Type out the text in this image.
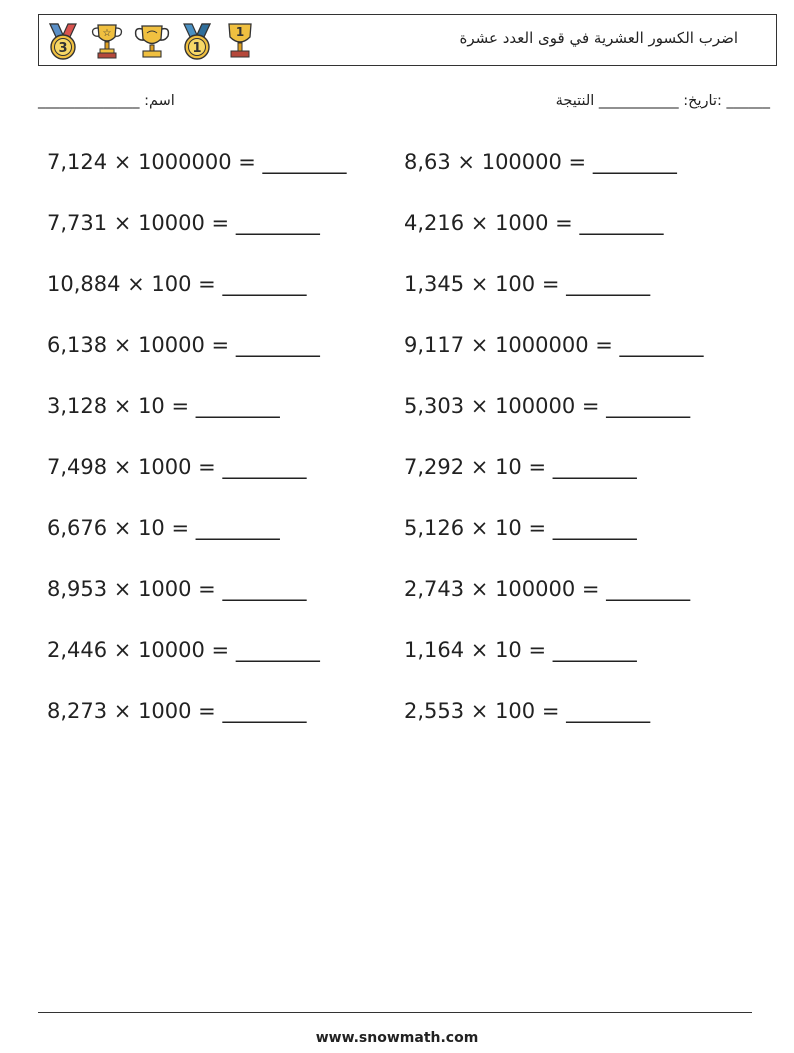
3
☆
1
1	اضرب الكسور العشرية في قوى العدد عشرة
اسم: ______________	______ :تاريخ: ___________ النتيجة
7,124 × 1000000 = ________
7,731 × 10000 = ________
10,884 × 100 = ________
6,138 × 10000 = ________
3,128 × 10 = ________
7,498 × 1000 = ________
6,676 × 10 = ________
8,953 × 1000 = ________
2,446 × 10000 = ________
8,273 × 1000 = ________
8,63 × 100000 = ________
4,216 × 1000 = ________
1,345 × 100 = ________
9,117 × 1000000 = ________
5,303 × 100000 = ________
7,292 × 10 = ________
5,126 × 10 = ________
2,743 × 100000 = ________
1,164 × 10 = ________
2,553 × 100 = ________
www.snowmath.com
